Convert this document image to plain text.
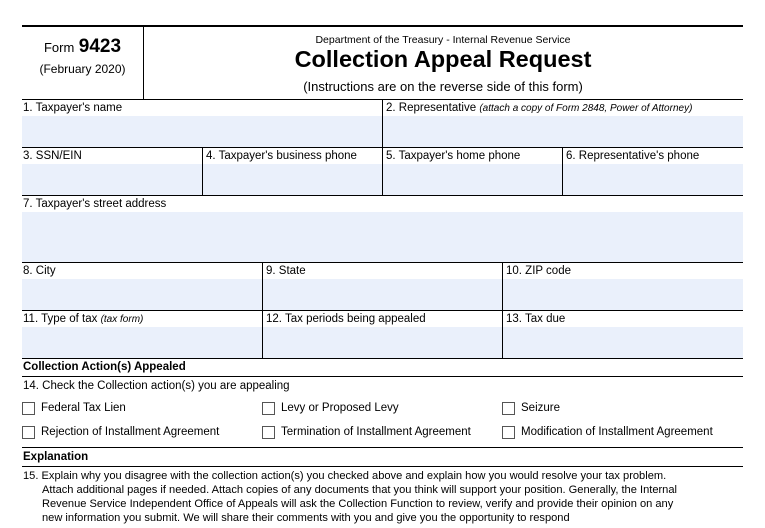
Form 9423
(February 2020)
Department of the Treasury - Internal Revenue Service
Collection Appeal Request
(Instructions are on the reverse side of this form)
1. Taxpayer's name	2. Representative (attach a copy of Form 2848, Power of Attorney)
3. SSN/EIN	4. Taxpayer's business phone	5. Taxpayer's home phone	6. Representative's phone
7. Taxpayer's street address
8. City	9. State	10. ZIP code
11. Type of tax (tax form)	12. Tax periods being appealed	13. Tax due
Collection Action(s) Appealed
14. Check the Collection action(s) you are appealing
Federal Tax Lien	Levy or Proposed Levy	Seizure
Rejection of Installment Agreement	Termination of Installment Agreement	Modification of Installment Agreement
Explanation
15. Explain why you disagree with the collection action(s) you checked above and explain how you would resolve your tax problem.
Attach additional pages if needed. Attach copies of any documents that you think will support your position. Generally, the Internal
Revenue Service Independent Office of Appeals will ask the Collection Function to review, verify and provide their opinion on any
new information you submit. We will share their comments with you and give you the opportunity to respond
